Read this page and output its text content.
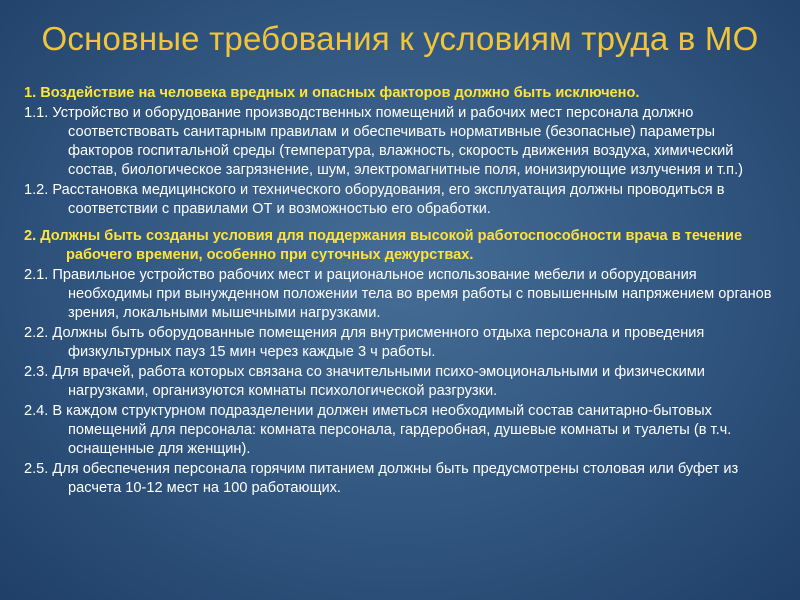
Основные требования к условиям труда в МО

1. Воздействие на человека вредных и опасных факторов должно быть исключено.

1.1. Устройство и оборудование производственных помещений и рабочих мест персонала должно соответствовать санитарным правилам и обеспечивать нормативные (безопасные) параметры факторов госпитальной среды (температура, влажность, скорость движения воздуха, химический состав, биологическое загрязнение, шум, электромагнитные поля, ионизирующие излучения и т.п.)

1.2. Расстановка медицинского и технического оборудования, его эксплуатация должны проводиться в соответствии с правилами ОТ и возможностью его обработки.

2. Должны быть созданы условия для поддержания высокой работоспособности врача в течение рабочего времени, особенно при суточных дежурствах.

2.1. Правильное устройство рабочих мест и рациональное использование мебели и оборудования необходимы при вынужденном положении тела во время работы с повышенным напряжением органов зрения, локальными мышечными нагрузками.

2.2. Должны быть оборудованные помещения для внутрисменного отдыха персонала и проведения физкультурных пауз 15 мин через каждые 3 ч работы.

2.3. Для врачей, работа которых связана со значительными психо-эмоциональными и физическими нагрузками, организуются комнаты психологической разгрузки.

2.4. В каждом структурном подразделении должен иметься необходимый состав санитарно-бытовых помещений для персонала: комната персонала, гардеробная, душевые комнаты и туалеты (в т.ч. оснащенные для женщин).

2.5. Для обеспечения персонала горячим питанием должны быть предусмотрены столовая или буфет из расчета 10-12 мест на 100 работающих.
